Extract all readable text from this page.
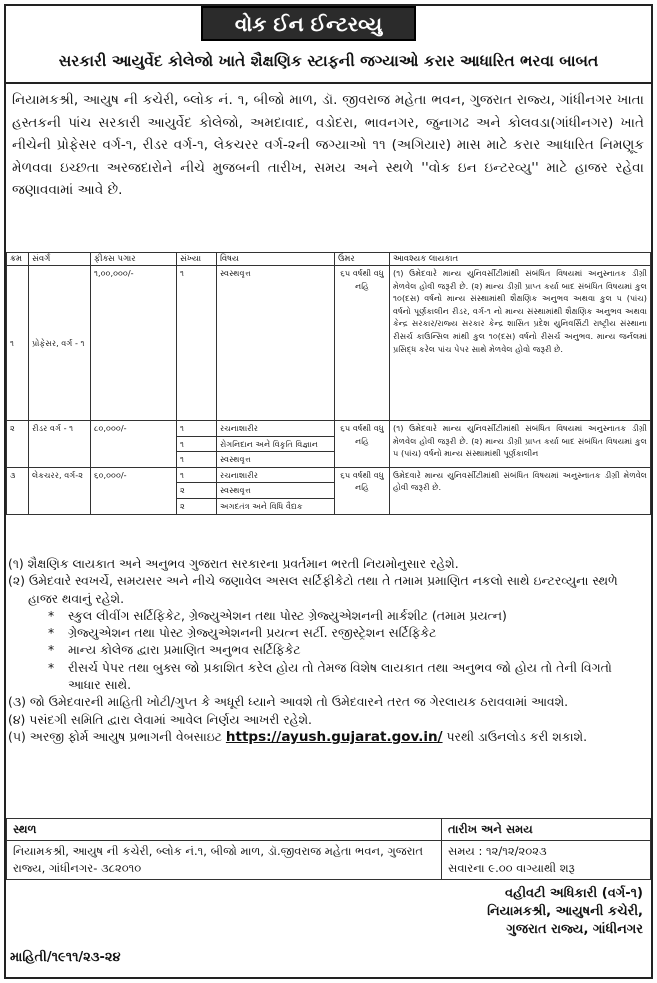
વોક ઈન ઈન્ટરવ્યુ
સરકારી આયુર્વેદ કોલેજો ખાતે શૈક્ષણિક સ્ટાફની જગ્યાઓ કરાર આધારિત ભરવા બાબત
નિયામકશ્રી, આયુષ ની કચેરી, બ્લોક નં. ૧, બીજો માળ, ડૉ. જીવરાજ મહેતા ભવન, ગુજરાત રાજ્ય, ગાંધીનગર ખાતા હસ્તકની પાંચ સરકારી આયુર્વેદ કોલેજો, અમદાવાદ, વડોદરા, ભાવનગર, જુનાગઢ અને કોલવડા(ગાંધીનગર) ખાતે નીચેની પ્રોફેસર વર્ગ-૧, રીડર વર્ગ-૧, લેકચરર વર્ગ-૨ની જગ્યાઓ ૧૧ (અગિયાર) માસ માટે કરાર આધારિત નિમણૂક મેળવવા ઇચ્છતા અરજદારોને નીચે મુજબની તારીખ, સમય અને સ્થળે ''વોક ઇન ઇન્ટરવ્યુ'' માટે હાજર રહેવા જણાવવામાં આવે છે.
ક્રમ	સંવર્ગ	ફીક્સ પગાર	સંખ્યા	વિષય	ઉંમર	આવશ્યક લાયકાત
૧	પ્રોફેસર, વર્ગ - ૧	૧,૦૦,૦૦૦/-	૧	સ્વસ્થવૃત્ત	૬૫ વર્ષથી વધુ નહિ	(૧) ઉમેદવારે માન્ય યુનિવર્સીટીમાંથી સંબંધિત વિષયમાં અનુસ્નાતક ડીગ્રી મેળવેલ હોવી જરૂરી છે. (૨) માન્ય ડીગ્રી પ્રાપ્ત કર્યા બાદ સંબંધિત વિષયમાં કુલ ૧૦(દસ) વર્ષનો માન્ય સંસ્થામાંથી શૈક્ષણિક અનુભવ અથવા કુલ ૫ (પાંચ) વર્ષનો પૂર્ણકાલીન રીડર, વર્ગ-૧ નો માન્ય સંસ્થામાંથી શૈક્ષણિક અનુભવ અથવા કેન્દ્ર સરકાર/રાજ્ય સરકાર કેન્દ્ર શાસિત પ્રદેશ યુનિવર્સિટી રાષ્ટ્રીય સંસ્થાના રીસર્ચ કાઉન્સિલ માંથી કુલ ૧૦(દસ) વર્ષનો રીસર્ચ અનુભવ. માન્ય જર્નલમાં પ્રસિદ્ધ કરેલ પાંચ પેપર સાથે મેળવેલ હોવો જરૂરી છે.
૨	રીડર વર્ગ - ૧	૮૦,૦૦૦/-	૧	રચનાશારીર	૬૫ વર્ષથી વધુ નહિ	(૧) ઉમેદવારે માન્ય યુનિવર્સીટીમાંથી સંબંધિત વિષયમાં અનુસ્નાતક ડીગ્રી મેળવેલ હોવી જરૂરી છે. (૨) માન્ય ડીગ્રી પ્રાપ્ત કર્યા બાદ સંબંધિત વિષયમાં કુલ ૫ (પાંચ) વર્ષનો માન્ય સંસ્થામાંથી પૂર્ણકાલીન
			૧	રોગનિદાન અને વિકૃતિ વિજ્ઞાન		
			૧	સ્વસ્થવૃત્ત		
૩	લેકચરર, વર્ગ-૨	૬૦,૦૦૦/-	૧	રચનાશારીર	૬૫ વર્ષથી વધુ નહિ	ઉમેદવારે માન્ય યુનિવર્સીટીમાંથી સંબંધિત વિષયમાં અનુસ્નાતક ડીગ્રી મેળવેલ હોવી જરૂરી છે.
			૨	સ્વસ્થવૃત્ત		
			૨	અગદતંત્ર અને વિધિ વૈદ્યક		
(૧) શૈક્ષણિક લાયકાત અને અનુભવ ગુજરાત સરકારના પ્રવર્તમાન ભરતી નિયમોનુસાર રહેશે.
(૨) ઉમેદવારે સ્વખર્ચે, સમયસર અને નીચે જણાવેલ અસલ સર્ટિફીકેટો તથા તે તમામ પ્રમાણિત નકલો સાથે ઇન્ટરવ્યુના સ્થળે હાજર થવાનું રહેશે.
* સ્કુલ લીવીંગ સર્ટિફિકેટ, ગ્રેજ્યુએશન તથા પોસ્ટ ગ્રેજ્યુએશનની માર્કશીટ (તમામ પ્રયત્ન)
* ગ્રેજ્યુએશન તથા પોસ્ટ ગ્રેજ્યુએશનની પ્રયત્ન સર્ટી. રજીસ્ટ્રેશન સર્ટિફિકેટ
* માન્ય કોલેજ દ્વારા પ્રમાણિત અનુભવ સર્ટિફિકેટ
* રીસર્ચ પેપર તથા બુક્સ જો પ્રકાશિત કરેલ હોય તો તેમજ વિશેષ લાયકાત તથા અનુભવ જો હોય તો તેની વિગતો આધાર સાથે.
(૩) જો ઉમેદવારની માહિતી ખોટી/ગુપ્ત કે અધૂરી ધ્યાને આવશે તો ઉમેદવારને તરત જ ગેરલાયક ઠરાવવામાં આવશે.
(૪) પસંદગી સમિતિ દ્વારા લેવામાં આવેલ નિર્ણય આખરી રહેશે.
(૫) અરજી ફોર્મ આયુષ પ્રભાગની વેબસાઇટ https://ayush.gujarat.gov.in/ પરથી ડાઉનલોડ કરી શકાશે.
સ્થળ	તારીખ અને સમય
નિયામકશ્રી, આયુષ ની કચેરી, બ્લોક નં.૧, બીજો માળ, ડૉ.જીવરાજ મહેતા ભવન, ગુજરાત રાજ્ય, ગાંધીનગર- ૩૮૨૦૧૦	સમય : ૧૨/૧૨/૨૦૨૩
સવારના ૯.૦૦ વાગ્યાથી શરૂ
વહીવટી અધિકારી (વર્ગ-૧)
નિયામકશ્રી, આયુષની કચેરી,
ગુજરાત રાજ્ય, ગાંધીનગર
માહિતી/૧૯૧૧/૨૩-૨૪
